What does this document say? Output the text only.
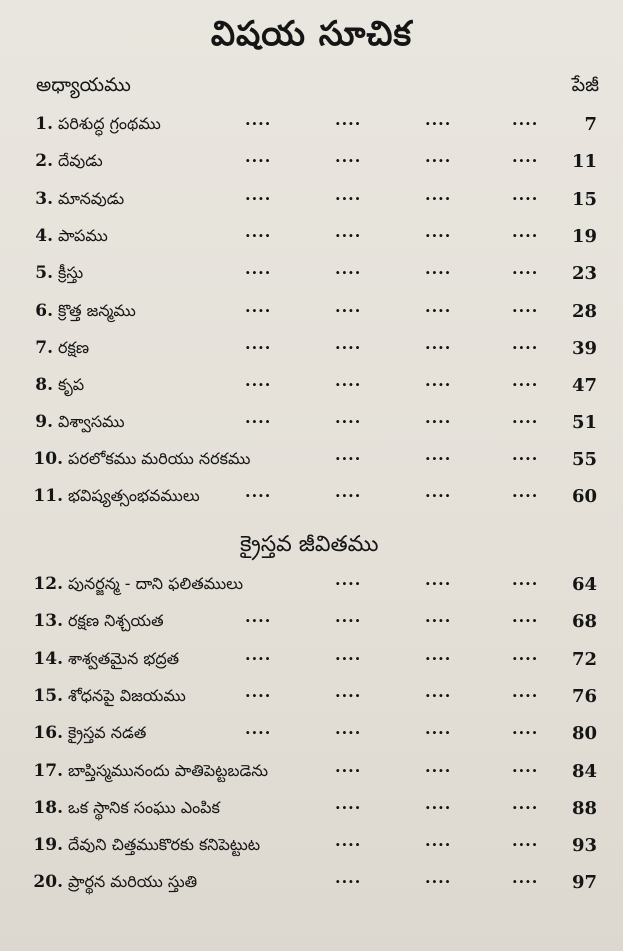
విషయ సూచిక
అధ్యాయము	పేజీ
క్రైస్తవ జీవితము
1. పరిశుద్ధ గ్రంథము	....	....	....	....	7
2. దేవుడు	....	....	....	.... 11
3. మానవుడు	....	....	....	.... 15
4. పాపము	....	....	....	.... 19
5. క్రీస్తు	....	....	....	.... 23
6. క్రొత్త జన్మము	....	....	....	.... 28
7. రక్షణ	....	....	....	.... 39
8. కృప	....	....	....	.... 47
9. విశ్వాసము	....	....	....	.... 51
10. పరలోకము మరియు నరకము	....	....	.... 55
11. భవిష్యత్సంభవములు	....	....	....	.... 60
12. పునర్జన్మ - దాని ఫలితములు	....	....	.... 64
13. రక్షణ నిశ్చయత	....	....	....	.... 68
14. శాశ్వతమైన భద్రత	....	....	....	.... 72
15. శోధనపై విజయము	....	....	....	.... 76
16. క్రైస్తవ నడత	....	....	....	.... 80
17. బాప్తిస్మమునందు పాతిపెట్టబడెను	....	....	.... 84
18. ఒక స్థానిక సంఘు ఎంపిక	....	....	.... 88
19. దేవుని చిత్తముకొరకు కనిపెట్టుట	....	....	.... 93
20. ప్రార్థన మరియు స్తుతి	....	....	.... 97
